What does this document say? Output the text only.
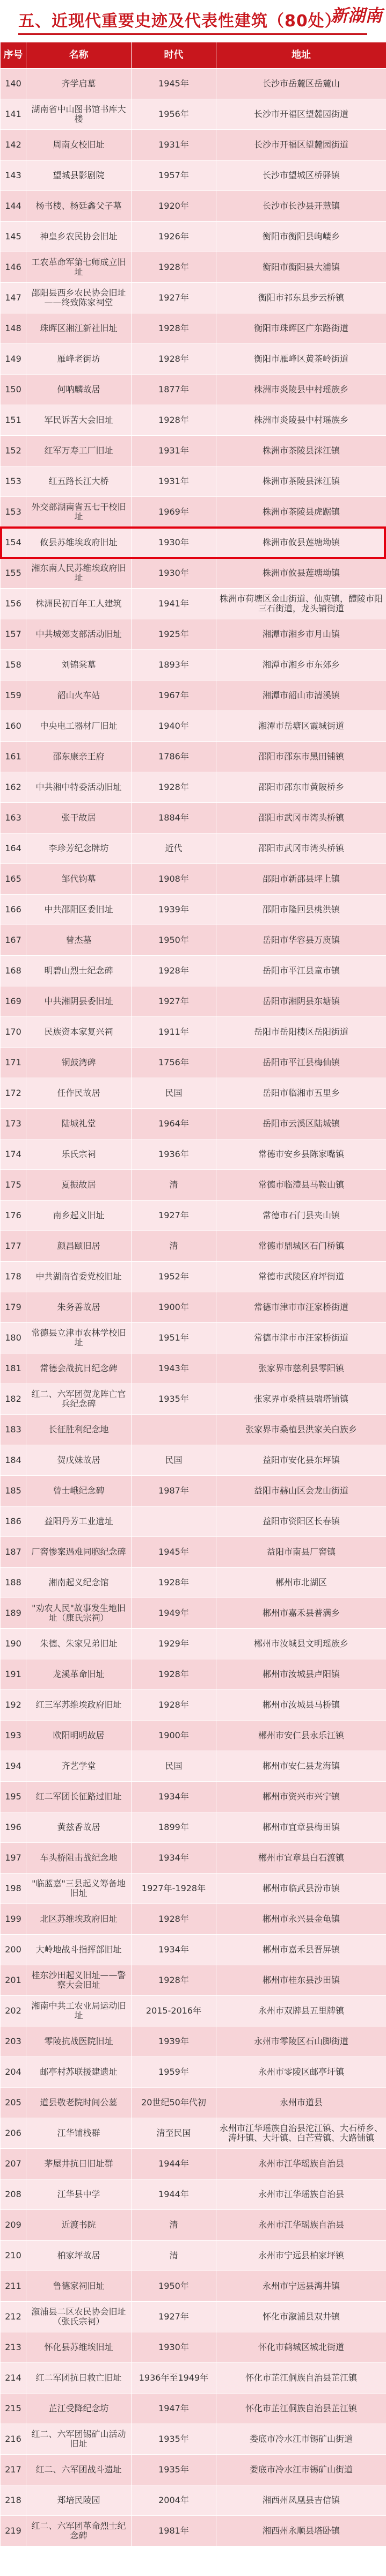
五、近现代重要史迹及代表性建筑（80处）
新湖南
序号	名称	时代	地址
140	齐学启墓	1945年	长沙市岳麓区岳麓山
141	湖南省中山图书馆书库大楼	1956年	长沙市开福区望麓园街道
142	周南女校旧址	1931年	长沙市开福区望麓园街道
143	望城县影剧院	1957年	长沙市望城区桥驿镇
144	杨书楼、杨廷鑫父子墓	1920年	长沙市长沙县开慧镇
145	神皇乡农民协会旧址	1926年	衡阳市衡阳县岣嵝乡
146	工农革命军第七师成立旧址	1928年	衡阳市衡阳县大浦镇
147	邵阳县西乡农民协会旧址——终致陈家祠堂	1927年	衡阳市祁东县步云桥镇
148	珠晖区湘江新社旧址	1928年	衡阳市珠晖区广东路街道
149	雁峰老街坊	1928年	衡阳市雁峰区黄茶岭街道
150	何呐麟故居	1877年	株洲市炎陵县中村瑶族乡
151	军民诉苦大会旧址	1928年	株洲市炎陵县中村瑶族乡
152	红军万寿工厂旧址	1931年	株洲市茶陵县洣江镇
153	红五路长江大桥	1931年	株洲市茶陵县洣江镇
153	外交部湖南省五七干校旧址	1969年	株洲市茶陵县虎踞镇
154	攸县苏维埃政府旧址	1930年	株洲市攸县莲塘坳镇
155	湘东南人民苏维埃政府旧址	1930年	株洲市攸县莲塘坳镇
156	株洲民初百年工人建筑	1941年	株洲市荷塘区金山街道、仙庾镇，醴陵市阳三石街道，龙头铺街道
157	中共城郊支部活动旧址	1925年	湘潭市湘乡市月山镇
158	刘锦棠墓	1893年	湘潭市湘乡市东郊乡
159	韶山火车站	1967年	湘潭市韶山市清溪镇
160	中央电工器材厂旧址	1940年	湘潭市岳塘区霞城街道
161	邵东康亲王府	1786年	邵阳市邵东市黑田铺镇
162	中共湘中特委活动旧址	1928年	邵阳市邵东市黄陂桥乡
163	张干故居	1884年	邵阳市武冈市湾头桥镇
164	李珍芳纪念牌坊	近代	邵阳市武冈市湾头桥镇
165	邹代钧墓	1908年	邵阳市新邵县坪上镇
166	中共邵阳区委旧址	1939年	邵阳市隆回县桃洪镇
167	曾杰墓	1950年	岳阳市华容县万庾镇
168	明碧山烈士纪念碑	1928年	岳阳市平江县童市镇
169	中共湘阴县委旧址	1927年	岳阳市湘阴县东塘镇
170	民族资本家复兴祠	1911年	岳阳市岳阳楼区岳阳街道
171	铜鼓湾碑	1756年	岳阳市平江县梅仙镇
172	任作民故居	民国	岳阳市临湘市五里乡
173	陆城礼堂	1964年	岳阳市云溪区陆城镇
174	乐氏宗祠	1936年	常德市安乡县陈家嘴镇
175	夏振故居	清	常德市临澧县马鞍山镇
176	南乡起义旧址	1927年	常德市石门县夹山镇
177	颜昌颐旧居	清	常德市鼎城区石门桥镇
178	中共湖南省委党校旧址	1952年	常德市武陵区府坪街道
179	朱务善故居	1900年	常德市津市市汪家桥街道
180	常德县立津市农林学校旧址	1951年	常德市津市市汪家桥街道
181	常德会战抗日纪念碑	1943年	张家界市慈利县零阳镇
182	红二、六军团贺龙阵亡官兵纪念碑	1935年	张家界市桑植县瑞塔铺镇
183	长征胜利纪念地		张家界市桑植县洪家关白族乡
184	贺戊妹故居	民国	益阳市安化县东坪镇
185	曾士峨纪念碑	1987年	益阳市赫山区会龙山街道
186	益阳丹芳工业遗址		益阳市资阳区长春镇
187	厂窖惨案遇难同胞纪念碑	1945年	益阳市南县厂窖镇
188	湘南起义纪念馆	1928年	郴州市北湖区
189	"劝农人民"故事发生地旧址（康氏宗祠）	1949年	郴州市嘉禾县普满乡
190	朱德、朱家兄弟旧址	1929年	郴州市汝城县文明瑶族乡
191	龙溪革命旧址	1928年	郴州市汝城县卢阳镇
192	红三军苏维埃政府旧址	1928年	郴州市汝城县马桥镇
193	欧阳明明故居	1900年	郴州市安仁县永乐江镇
194	齐艺学堂	民国	郴州市安仁县龙海镇
195	红二军团长征路过旧址	1934年	郴州市资兴市兴宁镇
196	黄兹香故居	1899年	郴州市宜章县梅田镇
197	车头桥阻击战纪念地	1934年	郴州市宜章县白石渡镇
198	"临蓝嘉"三县起义筹备地旧址	1927年-1928年	郴州市临武县汾市镇
199	北区苏维埃政府旧址	1928年	郴州市永兴县金龟镇
200	大岭地战斗指挥部旧址	1934年	郴州市嘉禾县晋屏镇
201	桂东沙田起义旧址——警察大会旧址	1928年	郴州市桂东县沙田镇
202	湘南中共工农业局运动旧址	2015-2016年	永州市双牌县五里牌镇
203	零陵抗战医院旧址	1939年	永州市零陵区石山脚街道
204	邮亭村苏联援建遗址	1959年	永州市零陵区邮亭圩镇
205	道县敬老院时间公墓	20世纪50年代初	永州市道县
206	江华铺栈群	清至民国	永州市江华瑶族自治县沱江镇、大石桥乡、涛圩镇、大圩镇、白芒营镇、大路铺镇
207	茅屋井抗日旧址群	1944年	永州市江华瑶族自治县
208	江华县中学	1944年	永州市江华瑶族自治县
209	近渡书院	清	永州市江华瑶族自治县
210	柏家坪故居	清	永州市宁远县柏家坪镇
211	鲁德家祠旧址	1950年	永州市宁远县湾井镇
212	溆浦县二区农民协会旧址（张氏宗祠）	1927年	怀化市溆浦县双井镇
213	怀化县苏维埃旧址	1930年	怀化市鹤城区城北街道
214	红二军团抗日救亡旧址	1936年至1949年	怀化市芷江侗族自治县芷江镇
215	芷江受降纪念坊	1947年	怀化市芷江侗族自治县芷江镇
216	红二、六军团锡矿山活动旧址	1935年	娄底市冷水江市锡矿山街道
217	红二、六军团战斗遗址	1935年	娄底市冷水江市锡矿山街道
218	郑培民陵园	2004年	湘西州凤凰县吉信镇
219	红二、六军团革命烈士纪念碑	1981年	湘西州永顺县塔卧镇
